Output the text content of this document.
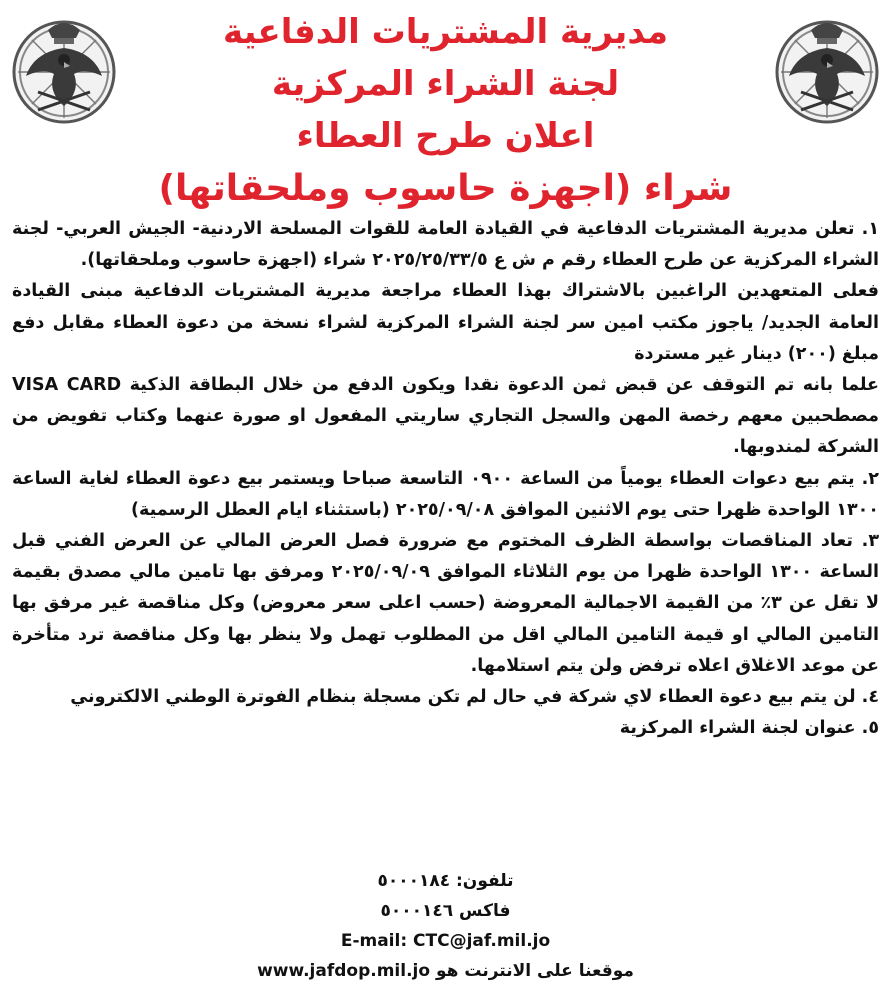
مديرية المشتريات الدفاعية
لجنة الشراء المركزية
اعلان طرح العطاء
شراء (اجهزة حاسوب وملحقاتها)

١. تعلن مديرية المشتريات الدفاعية في القيادة العامة للقوات المسلحة الاردنية- الجيش العربي- لجنة الشراء المركزية عن طرح العطاء رقم م ش ع ٢٠٢٥/٢٥/٣٣/٥ شراء (اجهزة حاسوب وملحقاتها).

فعلى المتعهدين الراغبين بالاشتراك بهذا العطاء مراجعة مديرية المشتريات الدفاعية مبنى القيادة العامة الجديد/ ياجوز مكتب امين سر لجنة الشراء المركزية لشراء نسخة من دعوة العطاء مقابل دفع مبلغ (٢٠٠) دينار غير مستردة

علما بانه تم التوقف عن قبض ثمن الدعوة نقدا ويكون الدفع من خلال البطاقة الذكية VISA CARD مصطحبين معهم رخصة المهن والسجل التجاري ساريتي المفعول او صورة عنهما وكتاب تفويض من الشركة لمندوبها.

٢. يتم بيع دعوات العطاء يومياً من الساعة ٠٩٠٠ التاسعة صباحا ويستمر بيع دعوة العطاء لغاية الساعة ١٣٠٠ الواحدة ظهرا حتى يوم الاثنين الموافق ٢٠٢٥/٠٩/٠٨ (باستثناء ايام العطل الرسمية)

٣. تعاد المناقصات بواسطة الظرف المختوم مع ضرورة فصل العرض المالي عن العرض الفني قبل الساعة ١٣٠٠ الواحدة ظهرا من يوم الثلاثاء الموافق ٢٠٢٥/٠٩/٠٩ ومرفق بها تامين مالي مصدق بقيمة لا تقل عن ٣٪ من القيمة الاجمالية المعروضة (حسب اعلى سعر معروض) وكل مناقصة غير مرفق بها التامين المالي او قيمة التامين المالي اقل من المطلوب تهمل ولا ينظر بها وكل مناقصة ترد متأخرة عن موعد الاغلاق اعلاه ترفض ولن يتم استلامها.

٤. لن يتم بيع دعوة العطاء لاي شركة في حال لم تكن مسجلة بنظام الفوترة الوطني الالكتروني

٥. عنوان لجنة الشراء المركزية

تلفون: ٥٠٠٠١٨٤
فاكس ٥٠٠٠١٤٦
E-mail: CTC@jaf.mil.jo
موقعنا على الانترنت هو www.jafdop.mil.jo
